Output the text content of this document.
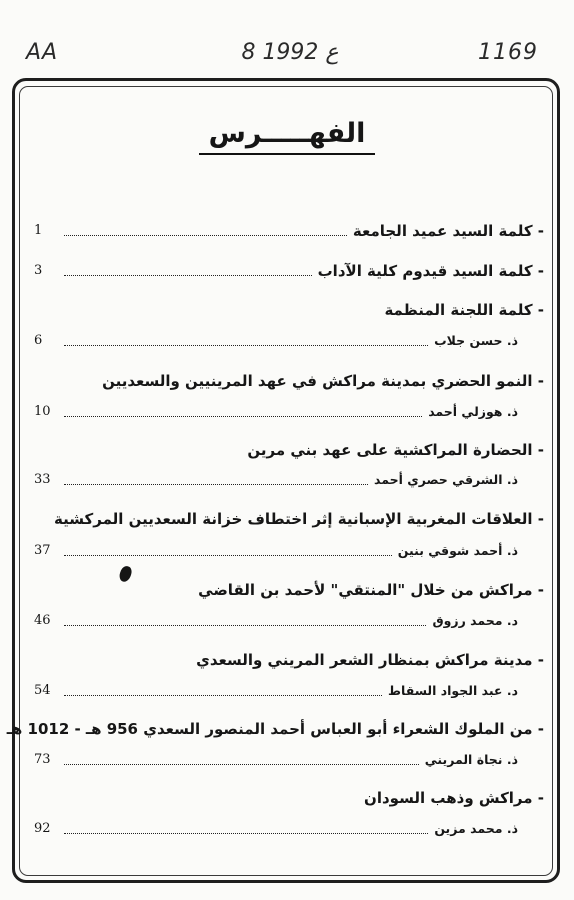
AA	8 ع 1992	1169
الفهـــــرس
- كلمة السيد عميد الجامعة
1
- كلمة السيد قيدوم كلية الآداب
3
- كلمة اللجنة المنظمة
ذ. حسن جلاب
6
- النمو الحضري بمدينة مراكش في عهد المرينيين والسعديين
ذ. هوزلي أحمد
10
- الحضارة المراكشية على عهد بني مرين
ذ. الشرقي حصري أحمد
33
- العلاقات المغربية الإسبانية إثر اختطاف خزانة السعديين المركشية
ذ. أحمد شوقي بنين
37
- مراكش من خلال "المنتقي" لأحمد بن القاضي
د. محمد رزوق
46
- مدينة مراكش بمنظار الشعر المريني والسعدي
د. عبد الجواد السقاط
54
- من الملوك الشعراء أبو العباس أحمد المنصور السعدي 956 هـ - 1012 هـ
ذ. نجاة المريني
73
- مراكش وذهب السودان
ذ. محمد مزين
92
